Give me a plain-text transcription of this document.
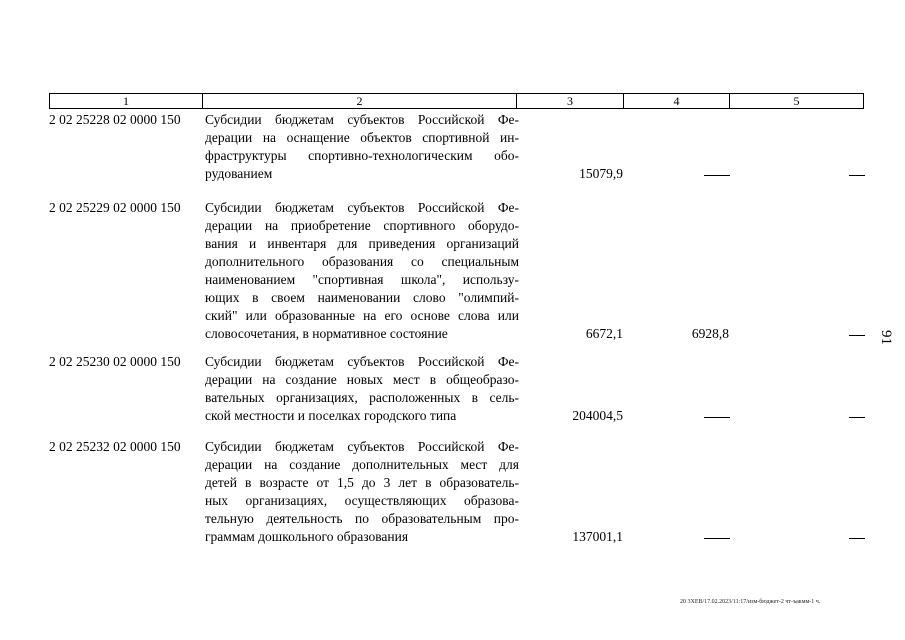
1	2	3	4	5
2 02 25228 02 0000 150 Субсидии бюджетам субъектов Российской Фе-
дерации на оснащение объектов спортивной ин-
фраструктуры спортивно-технологическим обо-
рудованием	15079,9
2 02 25229 02 0000 150 Субсидии бюджетам субъектов Российской Фе-
дерации на приобретение спортивного оборудо-
вания и инвентаря для приведения организаций
дополнительного образования со специальным
наименованием "спортивная школа", использу-
ющих в своем наименовании слово "олимпий-
ский" или образованные на его основе слова или
словосочетания, в нормативное состояние	6672,1	6928,8
2 02 25230 02 0000 150 Субсидии бюджетам субъектов Российской Фе-
дерации на создание новых мест в общеобразо-
вательных организациях, расположенных в сель-
ской местности и поселках городского типа	204004,5
2 02 25232 02 0000 150 Субсидии бюджетам субъектов Российской Фе-
дерации на создание дополнительных мест для
детей в возрасте от 1,5 до 3 лет в образователь-
ных организациях, осуществляющих образова-
тельную деятельность по образовательным про-
граммам дошкольного образования	137001,1
91
20 3ХЕВ/17.02.2023/11:17/изм-бюджет-2 чт-ъакмм-1 ч.
